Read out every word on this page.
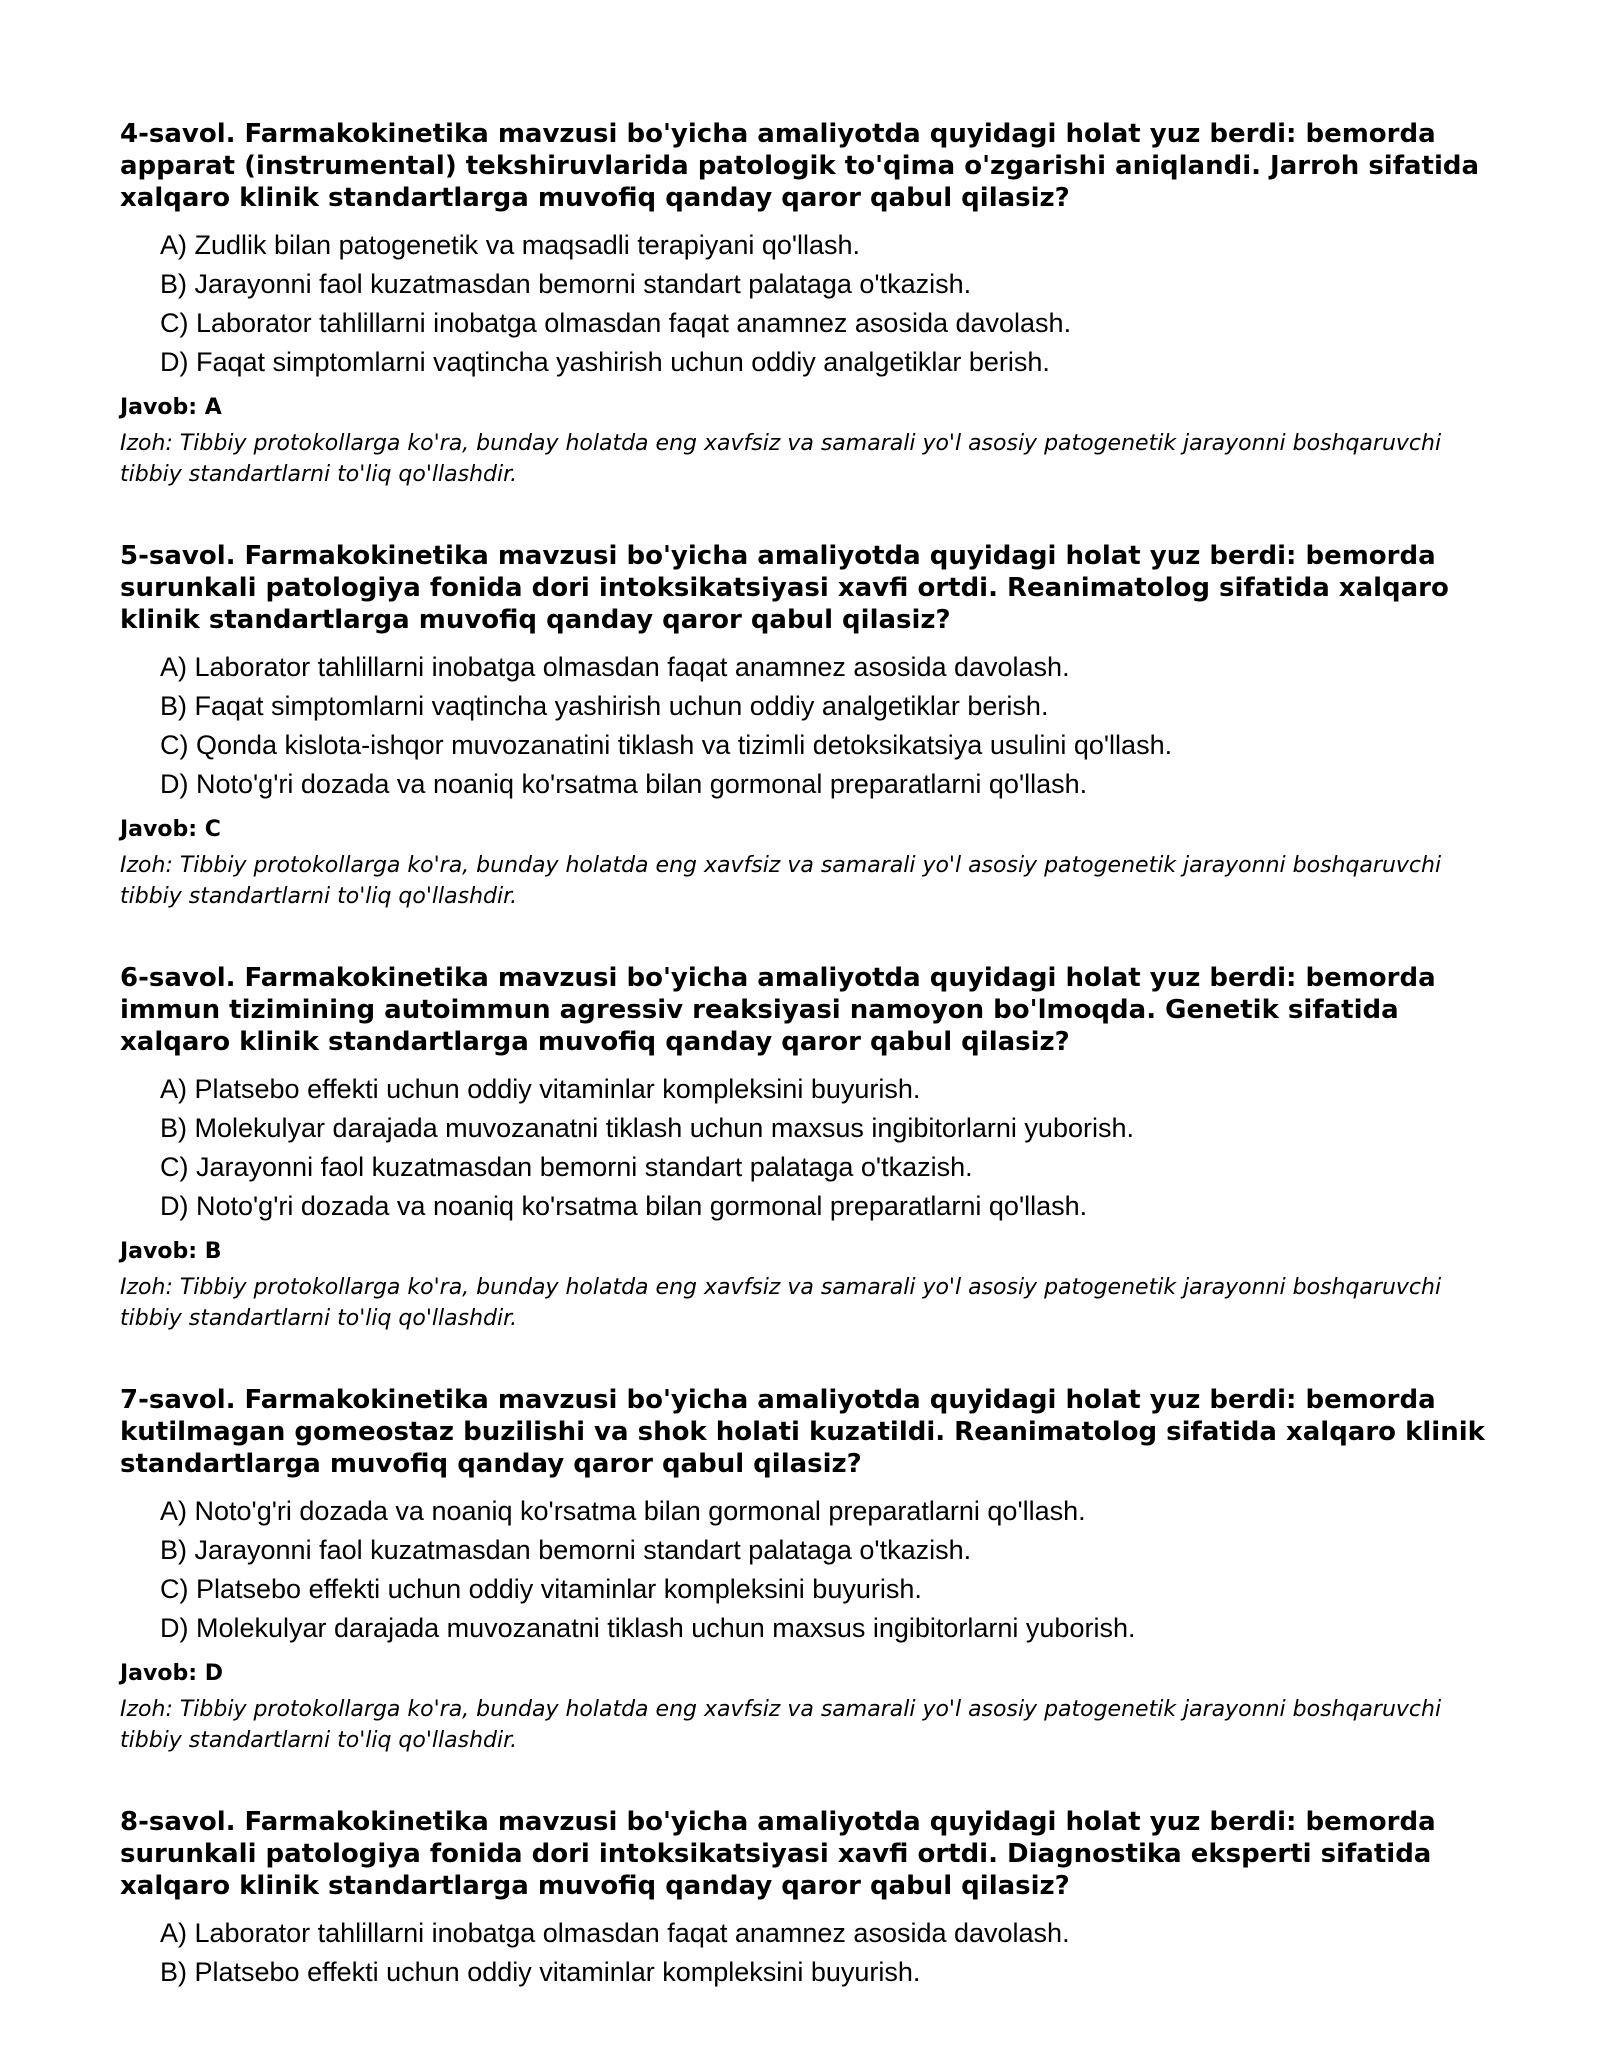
4-savol. Farmakokinetika mavzusi bo'yicha amaliyotda quyidagi holat yuz berdi: bemorda apparat (instrumental) tekshiruvlarida patologik to'qima o'zgarishi aniqlandi. Jarroh sifatida xalqaro klinik standartlarga muvofiq qanday qaror qabul qilasiz?

A) Zudlik bilan patogenetik va maqsadli terapiyani qo'llash.
B) Jarayonni faol kuzatmasdan bemorni standart palataga o'tkazish.
C) Laborator tahlillarni inobatga olmasdan faqat anamnez asosida davolash.
D) Faqat simptomlarni vaqtincha yashirish uchun oddiy analgetiklar berish.

Javob: A

Izoh: Tibbiy protokollarga ko'ra, bunday holatda eng xavfsiz va samarali yo'l asosiy patogenetik jarayonni boshqaruvchi tibbiy standartlarni to'liq qo'llashdir.

5-savol. Farmakokinetika mavzusi bo'yicha amaliyotda quyidagi holat yuz berdi: bemorda surunkali patologiya fonida dori intoksikatsiyasi xavfi ortdi. Reanimatolog sifatida xalqaro klinik standartlarga muvofiq qanday qaror qabul qilasiz?

A) Laborator tahlillarni inobatga olmasdan faqat anamnez asosida davolash.
B) Faqat simptomlarni vaqtincha yashirish uchun oddiy analgetiklar berish.
C) Qonda kislota-ishqor muvozanatini tiklash va tizimli detoksikatsiya usulini qo'llash.
D) Noto'g'ri dozada va noaniq ko'rsatma bilan gormonal preparatlarni qo'llash.

Javob: C

Izoh: Tibbiy protokollarga ko'ra, bunday holatda eng xavfsiz va samarali yo'l asosiy patogenetik jarayonni boshqaruvchi tibbiy standartlarni to'liq qo'llashdir.

6-savol. Farmakokinetika mavzusi bo'yicha amaliyotda quyidagi holat yuz berdi: bemorda immun tizimining autoimmun agressiv reaksiyasi namoyon bo'lmoqda. Genetik sifatida xalqaro klinik standartlarga muvofiq qanday qaror qabul qilasiz?

A) Platsebo effekti uchun oddiy vitaminlar kompleksini buyurish.
B) Molekulyar darajada muvozanatni tiklash uchun maxsus ingibitorlarni yuborish.
C) Jarayonni faol kuzatmasdan bemorni standart palataga o'tkazish.
D) Noto'g'ri dozada va noaniq ko'rsatma bilan gormonal preparatlarni qo'llash.

Javob: B

Izoh: Tibbiy protokollarga ko'ra, bunday holatda eng xavfsiz va samarali yo'l asosiy patogenetik jarayonni boshqaruvchi tibbiy standartlarni to'liq qo'llashdir.

7-savol. Farmakokinetika mavzusi bo'yicha amaliyotda quyidagi holat yuz berdi: bemorda kutilmagan gomeostaz buzilishi va shok holati kuzatildi. Reanimatolog sifatida xalqaro klinik standartlarga muvofiq qanday qaror qabul qilasiz?

A) Noto'g'ri dozada va noaniq ko'rsatma bilan gormonal preparatlarni qo'llash.
B) Jarayonni faol kuzatmasdan bemorni standart palataga o'tkazish.
C) Platsebo effekti uchun oddiy vitaminlar kompleksini buyurish.
D) Molekulyar darajada muvozanatni tiklash uchun maxsus ingibitorlarni yuborish.

Javob: D

Izoh: Tibbiy protokollarga ko'ra, bunday holatda eng xavfsiz va samarali yo'l asosiy patogenetik jarayonni boshqaruvchi tibbiy standartlarni to'liq qo'llashdir.

8-savol. Farmakokinetika mavzusi bo'yicha amaliyotda quyidagi holat yuz berdi: bemorda surunkali patologiya fonida dori intoksikatsiyasi xavfi ortdi. Diagnostika eksperti sifatida xalqaro klinik standartlarga muvofiq qanday qaror qabul qilasiz?

A) Laborator tahlillarni inobatga olmasdan faqat anamnez asosida davolash.
B) Platsebo effekti uchun oddiy vitaminlar kompleksini buyurish.
